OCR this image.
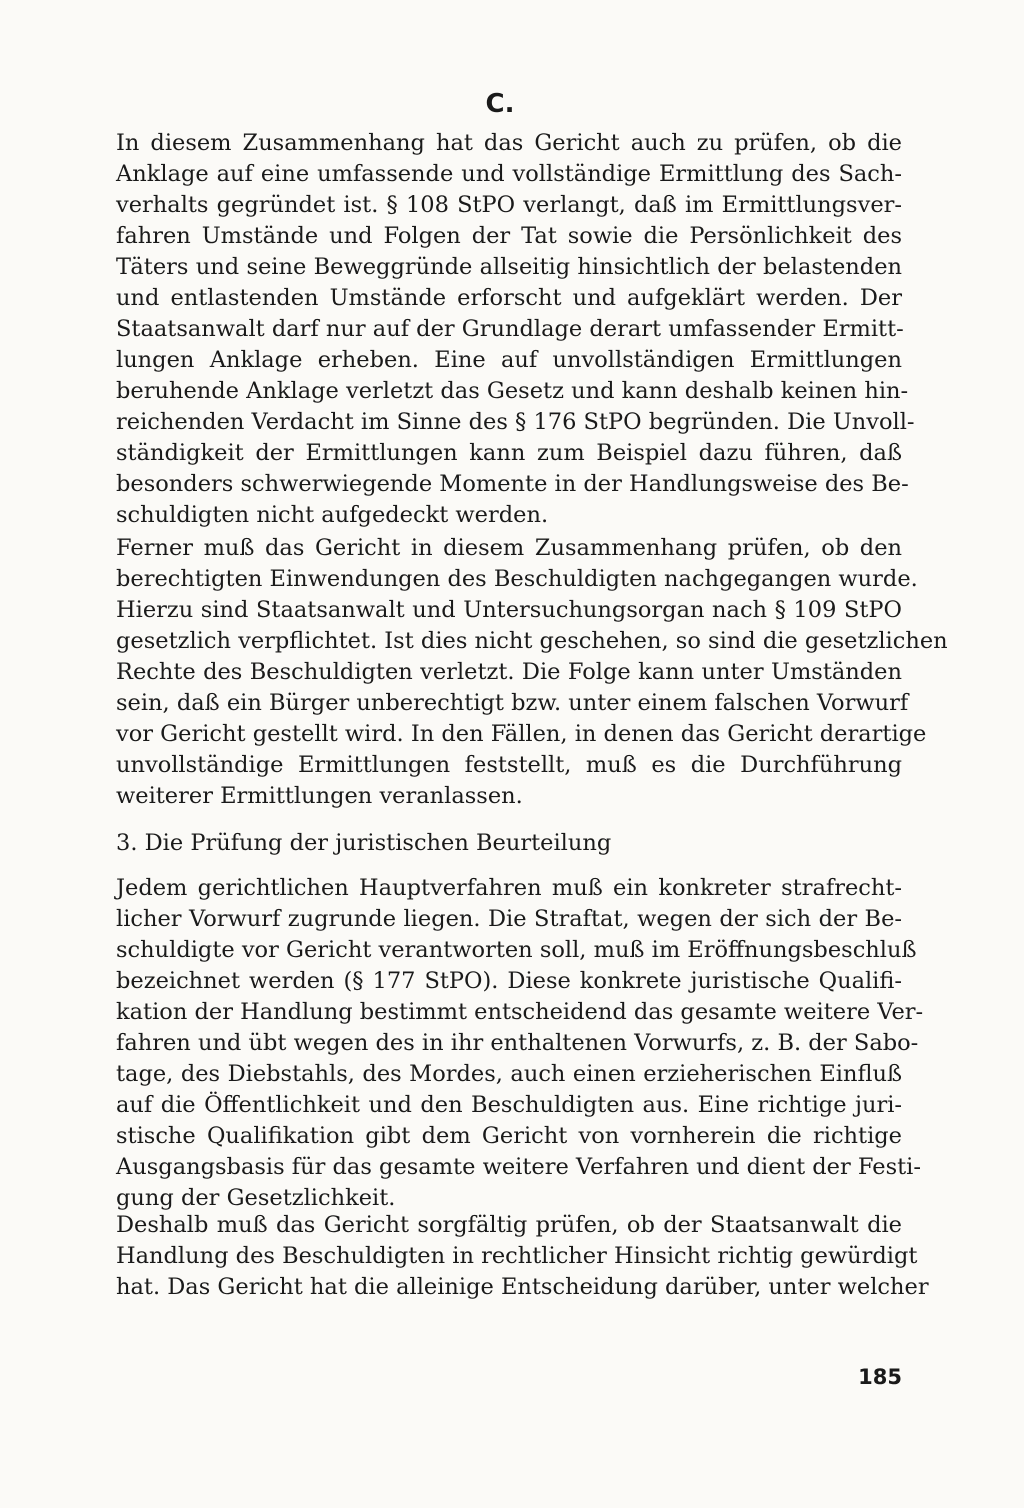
C.
In diesem Zusammenhang hat das Gericht auch zu prüfen, ob die
Anklage auf eine umfassende und vollständige Ermittlung des Sach-
verhalts gegründet ist. § 108 StPO verlangt, daß im Ermittlungsver-
fahren Umstände und Folgen der Tat sowie die Persönlichkeit des
Täters und seine Beweggründe allseitig hinsichtlich der belastenden
und entlastenden Umstände erforscht und aufgeklärt werden. Der
Staatsanwalt darf nur auf der Grundlage derart umfassender Ermitt-
lungen Anklage erheben. Eine auf unvollständigen Ermittlungen
beruhende Anklage verletzt das Gesetz und kann deshalb keinen hin-
reichenden Verdacht im Sinne des § 176 StPO begründen. Die Unvoll-
ständigkeit der Ermittlungen kann zum Beispiel dazu führen, daß
besonders schwerwiegende Momente in der Handlungsweise des Be-
schuldigten nicht aufgedeckt werden.
Ferner muß das Gericht in diesem Zusammenhang prüfen, ob den
berechtigten Einwendungen des Beschuldigten nachgegangen wurde.
Hierzu sind Staatsanwalt und Untersuchungsorgan nach § 109 StPO
gesetzlich verpflichtet. Ist dies nicht geschehen, so sind die gesetzlichen
Rechte des Beschuldigten verletzt. Die Folge kann unter Umständen
sein, daß ein Bürger unberechtigt bzw. unter einem falschen Vorwurf
vor Gericht gestellt wird. In den Fällen, in denen das Gericht derartige
unvollständige Ermittlungen feststellt, muß es die Durchführung
weiterer Ermittlungen veranlassen.
3. Die Prüfung der juristischen Beurteilung
Jedem gerichtlichen Hauptverfahren muß ein konkreter strafrecht-
licher Vorwurf zugrunde liegen. Die Straftat, wegen der sich der Be-
schuldigte vor Gericht verantworten soll, muß im Eröffnungsbeschluß
bezeichnet werden (§ 177 StPO). Diese konkrete juristische Qualifi-
kation der Handlung bestimmt entscheidend das gesamte weitere Ver-
fahren und übt wegen des in ihr enthaltenen Vorwurfs, z. B. der Sabo-
tage, des Diebstahls, des Mordes, auch einen erzieherischen Einfluß
auf die Öffentlichkeit und den Beschuldigten aus. Eine richtige juri-
stische Qualifikation gibt dem Gericht von vornherein die richtige
Ausgangsbasis für das gesamte weitere Verfahren und dient der Festi-
gung der Gesetzlichkeit.
Deshalb muß das Gericht sorgfältig prüfen, ob der Staatsanwalt die
Handlung des Beschuldigten in rechtlicher Hinsicht richtig gewürdigt
hat. Das Gericht hat die alleinige Entscheidung darüber, unter welcher
185
